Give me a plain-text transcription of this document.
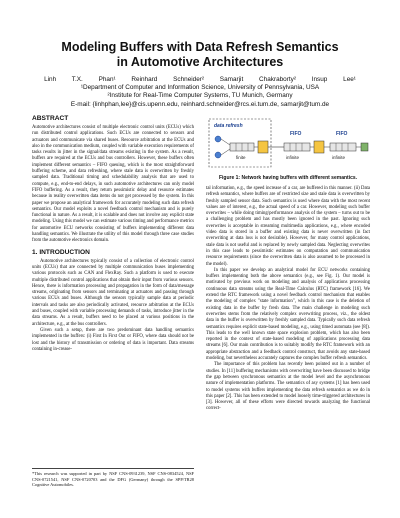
Modeling Buffers with Data Refresh Semantics
in Automotive Architectures
Linh T.X. Phan¹ Reinhard Schneider² Samarjit Chakraborty² Insup Lee¹
¹Department of Computer and Information Science, University of Pennsylvania, USA
²Institute for Real-Time Computer Systems, TU Munich, Germany
E-mail: {linhphan,lee}@cis.upenn.edu, reinhard.schneider@rcs.ei.tum.de, samarjit@tum.de
ABSTRACT

Automotive architectures consist of multiple electronic control units (ECUs) which run distributed control applications. Such ECUs are connected to sensors and actuators and communicate via shared buses. Resource arbitration at the ECUs and also in the communication medium, coupled with variable execution requirements of tasks results in jitter in the signal/data streams existing in the system. As a result, buffers are required at the ECUs and bus controllers. However, these buffers often implement different semantics – FIFO queuing, which is the most straightforward buffering scheme, and data refreshing, where stale data is overwritten by freshly sampled data. Traditional timing and schedulability analysis that are used to compute, e.g., end-to-end delays, in such automotive architectures can only model FIFO buffering. As a result, they return pessimistic delay and resource estimates because in reality overwritten data items do not get processed by the system. In this paper we propose an analytical framework for accurately modeling such data refresh semantics. Our model exploits a novel feedback control mechanism and is purely functional in nature. As a result, it is scalable and does not involve any explicit state modeling. Using this model we can estimate various timing and performance metrics for automotive ECU networks consisting of buffers implementing different data handling semantics. We illustrate the utility of this model through three case studies from the automotive electronics domain.

1. INTRODUCTION

Automotive architectures typically consist of a collection of electronic control units (ECUs) that are connected by multiple communication buses implementing various protocols such as CAN and FlexRay. Such a platform is used to execute multiple distributed control applications that obtain their input from various sensors. Hence, there is information processing and propagation in the form of data/message streams, originating from sensors and terminating at actuators and passing through various ECUs and buses. Although the sensors typically sample data at periodic intervals and tasks are also periodically activated, resource arbitration at the ECUs and buses, coupled with variable processing demands of tasks, introduce jitter in the data streams. As a result, buffers need to be placed at various positions in the architecture, e.g., at the bus controllers.

Given such a setup, there are two predominant data handling semantics implemented in the buffers: (i) First In First Out or FIFO, where data should not be lost and the history of transmission or ordering of data is important. Data streams containing in-crease-

*This research was supported in part by NSF CNS-0931239, NSF CNS-0834524, NSF CNS-0721541, NSF CNS-0720703 and the DFG (Germany) through the SPP/TR28 Cognitive Automobiles.

data refresh
finite
FIFO
infinite
FIFO
infinite
Figure 1: Network having buffers with different semantics.

tal information, e.g., the speed increase of a car, are buffered in this manner. (ii) Data refresh semantics, where buffers are of restricted size and stale data is overwritten by freshly sampled sensor data. Such semantics is used where data with the most recent values are of interest, e.g., the actual speed of a car. However, modeling such buffer overwrites – while doing timing/performance analysis of the system – turns out to be a challenging problem and has mostly been ignored in the past. Ignoring such overwrites is acceptable in streaming multimedia applications, e.g., where encoded video data is stored in a buffer and existing data is never overwritten (in fact overwriting at data loss is not desirable). However, for many control applications, stale data is not useful and is replaced by newly sampled data. Neglecting overwrites in this case leads to pessimistic estimates on computation and communication resource requirements (since the overwritten data is also assumed to be processed in the model).

In this paper we develop an analytical model for ECU networks containing buffers implementing both the above semantics (e.g., see Fig. 1). Our model is motivated by previous work on modeling and analysis of applications processing continuous data streams using the Real-Time Calculus (RTC) framework [16]. We extend the RTC framework using a novel feedback control mechanism that enables the modeling of complex "state information", which in this case is the deletion of existing data in the buffer by fresh data. The main challenge in modeling such overwrites stems from the relatively complex overwriting process, viz., the oldest data in the buffer is overwritten by freshly sampled data. Typically such data refresh semantics requires explicit state-based modeling, e.g., using timed automata (see [8]). This leads to the well known state space explosion problem, which has also been reported in the context of state-based modeling of applications processing data streams [6]. Our main contribution is to suitably modify the RTC framework with an appropriate abstraction and a feedback control construct, that avoids any state-based modeling, but nevertheless accurately captures the complex buffer refresh semantics.

The importance of this problem has recently been pointed out in a number of studies. In [11] buffering mechanisms with overwriting have been discussed to bridge the gap between synchronous semantics at the model level and the asynchronous nature of implementation platforms. The semantics of asy systems [1] has been used to model systems with buffers implementing the data refresh semantics as we do in this paper [2]. This has been extended to model loosely time-triggered architectures in [3]. However, all of these efforts were directed towards analyzing the functional correct-
